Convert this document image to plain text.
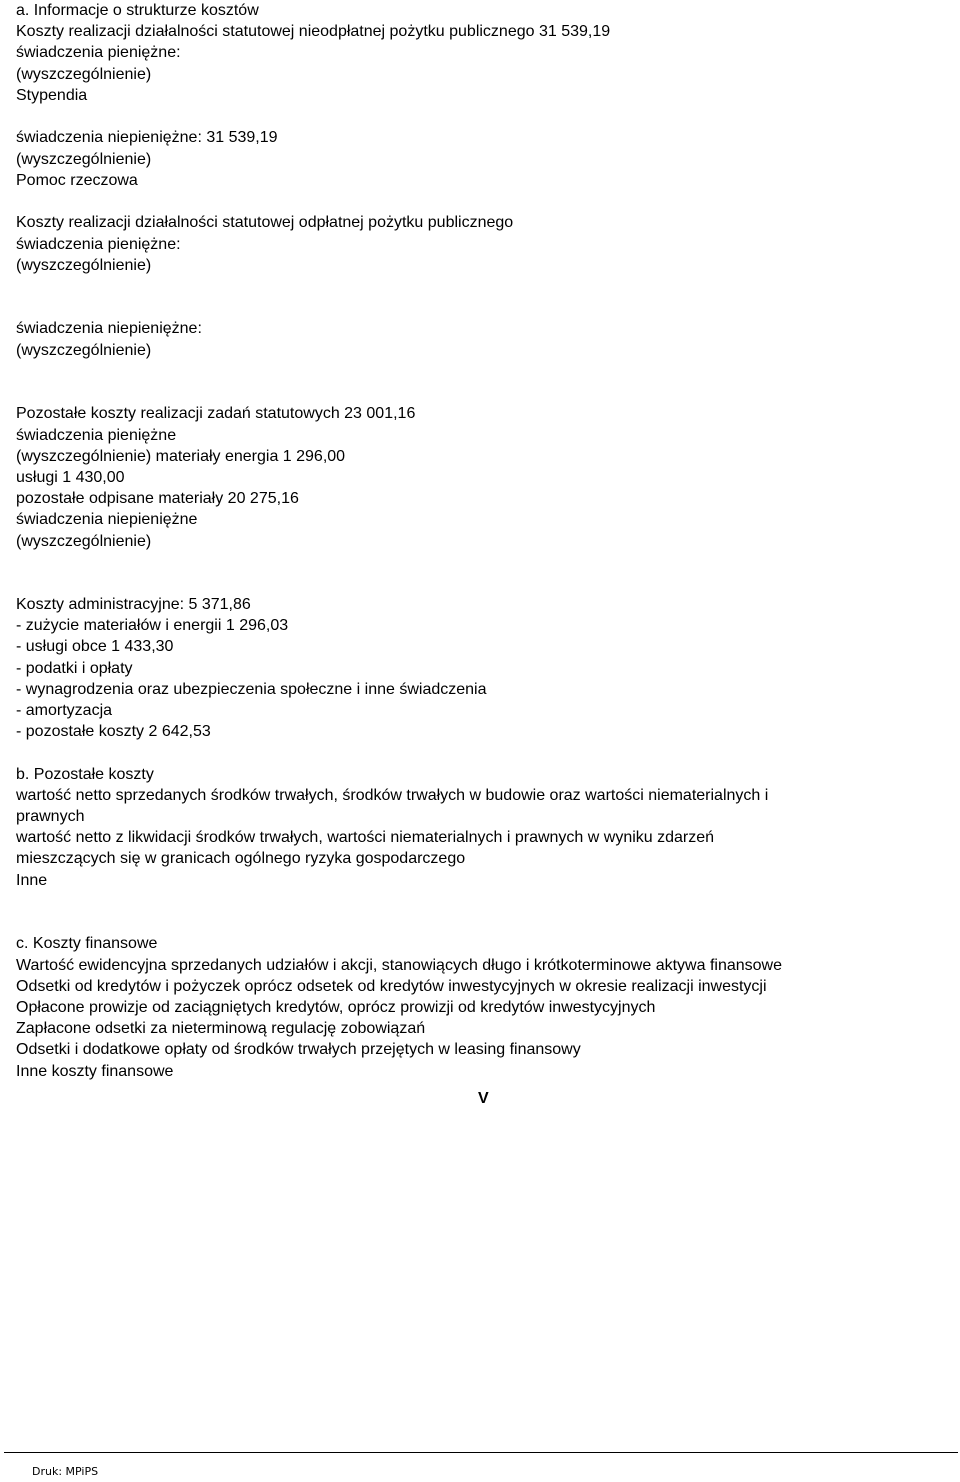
a. Informacje o strukturze kosztów
Koszty realizacji działalności statutowej nieodpłatnej pożytku publicznego 31 539,19
świadczenia pieniężne:
(wyszczególnienie)
Stypendia
świadczenia niepieniężne: 31 539,19
(wyszczególnienie)
Pomoc rzeczowa
Koszty realizacji działalności statutowej odpłatnej pożytku publicznego
świadczenia pieniężne:
(wyszczególnienie)
świadczenia niepieniężne:
(wyszczególnienie)
Pozostałe koszty realizacji zadań statutowych 23 001,16
świadczenia pieniężne
(wyszczególnienie) materiały energia 1 296,00
usługi 1 430,00
pozostałe odpisane materiały 20 275,16
świadczenia niepieniężne
(wyszczególnienie)
Koszty administracyjne: 5 371,86
- zużycie materiałów i energii 1 296,03
- usługi obce 1 433,30
- podatki i opłaty
- wynagrodzenia oraz ubezpieczenia społeczne i inne świadczenia
- amortyzacja
- pozostałe koszty 2 642,53
b. Pozostałe koszty
wartość netto sprzedanych środków trwałych, środków trwałych w budowie oraz wartości niematerialnych i
prawnych
wartość netto z likwidacji środków trwałych, wartości niematerialnych i prawnych w wyniku zdarzeń
mieszczących się w granicach ogólnego ryzyka gospodarczego
Inne
c. Koszty finansowe
Wartość ewidencyjna sprzedanych udziałów i akcji, stanowiących długo i krótkoterminowe aktywa finansowe
Odsetki od kredytów i pożyczek oprócz odsetek od kredytów inwestycyjnych w okresie realizacji inwestycji
Opłacone prowizje od zaciągniętych kredytów, oprócz prowizji od kredytów inwestycyjnych
Zapłacone odsetki za nieterminową regulację zobowiązań
Odsetki i dodatkowe opłaty od środków trwałych przejętych w leasing finansowy
Inne koszty finansowe
V
Druk: MPiPS
